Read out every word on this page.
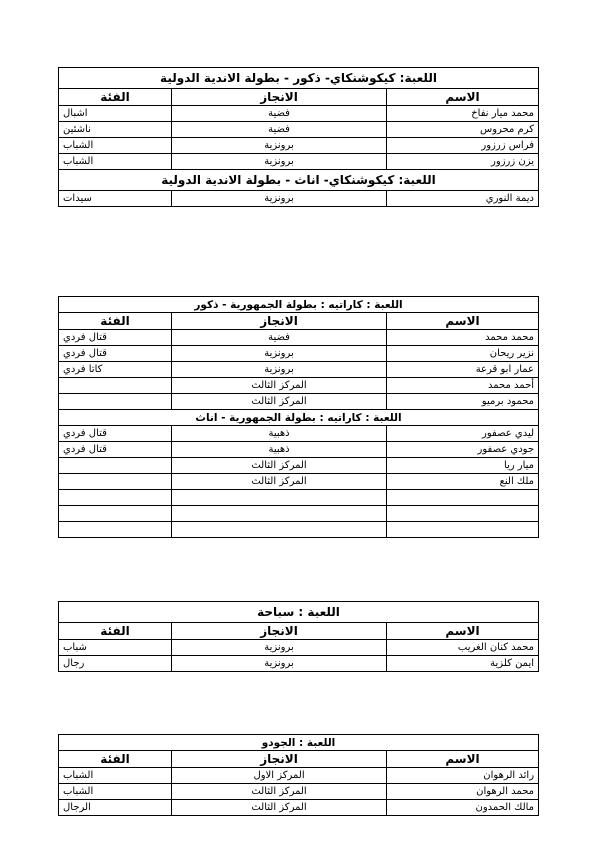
اللعبة: كيكوشنكاي- ذكور - بطولة الاندية الدولية		
الاسم	الانجاز	الفئة
محمد ميار نفاخ	فضية	اشبال
كرم محروس	فضية	ناشئين
فراس زرزور	برونزية	الشباب
يزن زرزور	برونزية	الشباب
اللعبة: كيكوشنكاي- اناث - بطولة الاندية الدولية		
ديمة النوري	برونزية	سيدات
اللعبة : كاراتيه : بطولة الجمهورية - ذكور		
الاسم	الانجاز	الفئة
محمد محمد	فضية	قتال فردي
نزير ريحان	برونزية	قتال فردي
عمار ابو قرعة	برونزية	كاتا فردي
أحمد محمد	المركز الثالث	
محمود برميو	المركز الثالث	
اللعبة : كاراتيه : بطولة الجمهورية - اناث		
ليدي عصفور	ذهبية	قتال فردي
جودي عصفور	ذهبية	قتال فردي
ميار ريا	المركز الثالث	
ملك النع	المركز الثالث	

اللعبة : سباحة		
الاسم	الانجاز	الفئة
محمد كنان الغريب	برونزية	شباب
ايمن كلزية	برونزية	رجال
اللعبة : الجودو		
الاسم	الانجاز	الفئة
رائد الرهوان	المركز الاول	الشباب
محمد الرهوان	المركز الثالث	الشباب
مالك الحمدون	المركز الثالث	الرجال
